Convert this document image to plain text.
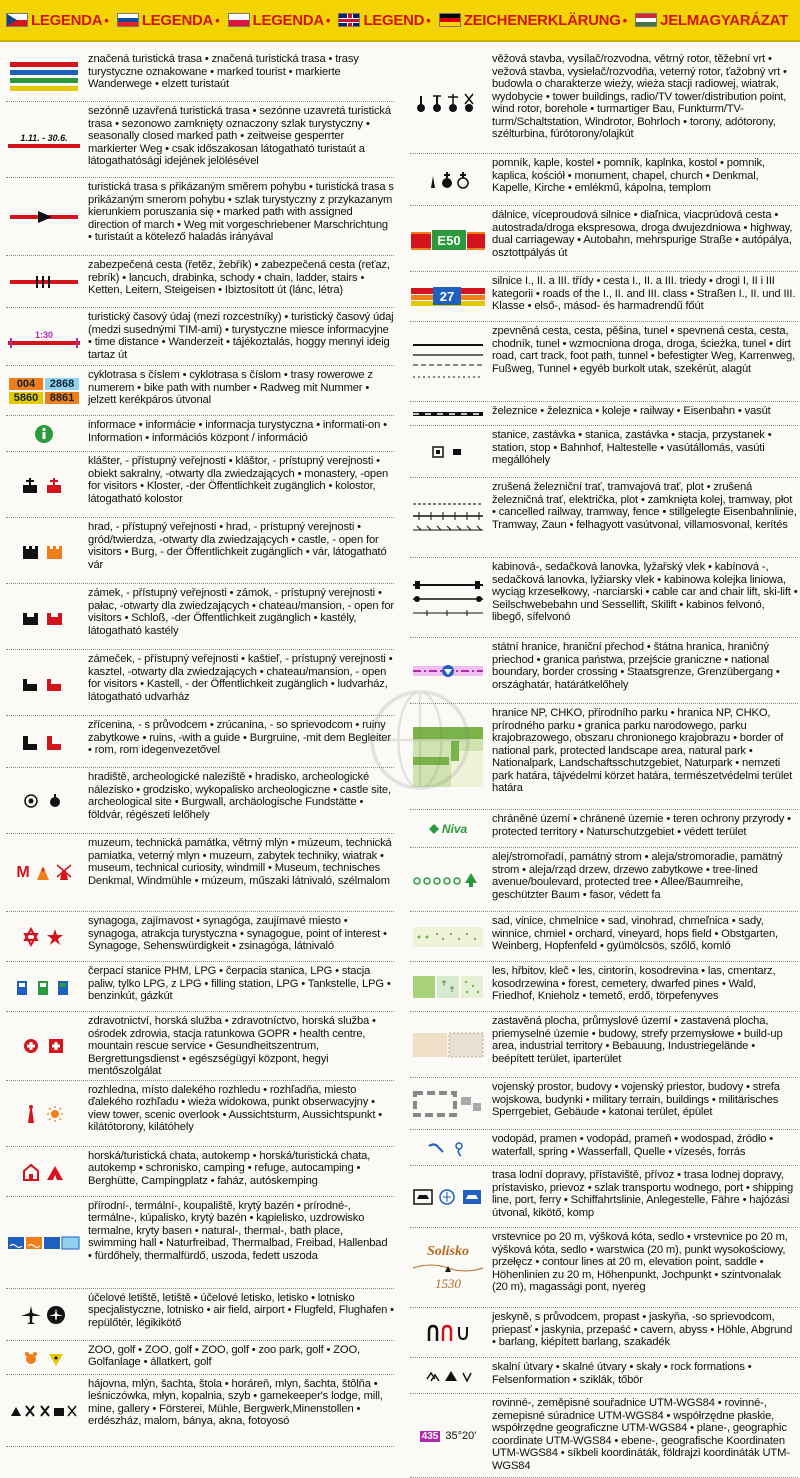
LEGENDA • LEGENDA • LEGENDA • LEGEND • ZEICHENERKLÄRUNG • JELMAGYARÁZAT
značená turistická trasa • značená turistická trasa • trasy turystyczne oznakowane • marked tourist • markierte Wanderwege • elzett turistaút
1.11. - 30.6.
sezónně uzavřená turistická trasa • sezónne uzavretá turistická trasa • sezonowo zamknięty oznaczony szlak turystyczny • seasonally closed marked path • zeitweise gesperrter markierter Weg • csak időszakosan látogatható turistaút a látogathatósági idejének jelölésével
turistická trasa s přikázaným směrem pohybu • turistická trasa s prikázaným smerom pohybu • szlak turystyczny z przykazanym kierunkiem poruszania się • marked path with assigned direction of march • Weg mit vorgeschriebener Marschrichtung • turistaút a kötelező haladás irányával
zabezpečená cesta (řetěz, žebřík) • zabezpečená cesta (reťaz, rebrík) • lancuch, drabinka, schody • chain, ladder, stairs • Ketten, Leitern, Steigeisen • Ibiztosított út (lánc, létra)
1:30
turistický časový údaj (mezi rozcestníky) • turistický časový údaj (medzi susednými TIM-ami) • turystyczne miesce informacyjne • time distance • Wanderzeit • tájékoztalás, hoggy mennyi ideig tartaz út
004	2868
5860	8861
cyklotrasa s číslem • cyklotrasa s číslom • trasy rowerowe z numerem • bike path with number • Radweg mit Nummer • jelzett kerékpáros útvonal
informace • informácie • informacja turystyczna • informati-on • Information • információs központ / információ
klášter, - přístupný veřejnosti • kláštor, - prístupný verejnosti • obiekt sakralny, -otwarty dla zwiedzających • monastery, -open for visitors • Kloster, -der Öffentlichkeit zugänglich • kolostor, látogatható kolostor
hrad, - přístupný veřejnosti • hrad, - prístupný verejnosti • gród/twierdza, -otwarty dla zwiedzających • castle, - open for visitors • Burg, - der Öffentlichkeit zugänglich • vár, látogatható vár
zámek, - přístupný veřejnosti • zámok, - prístupný verejnosti • pałac, -otwarty dla zwiedzających • chateau/mansion, - open for visitors • Schloß, -der Öffentlichkeit zugänglich • kastély, látogatható kastély
zámeček, - přístupný veřejnosti • kaštieľ, - prístupný verejnosti • kasztel, -otwarty dla zwiedzających • chateau/mansion, - open for visitors • Kastell, - der Öffentlichkeit zugänglich • ludvarház, látogatható udvarház
zřícenina, - s průvodcem • zrúcanina, - so sprievodcom • ruiny zabytkowe • ruins, -with a guide • Burgruine, -mit dem Begleiter • rom, rom idegenvezetővel
hradiště, archeologické naleziště • hradisko, archeologické nálezisko • grodzisko, wykopalisko archeologiczne • castle site, archeological site • Burgwall, archäologische Fundstätte • földvár, régészeti lelőhely
M
muzeum, technická památka, větrný mlýn • múzeum, technická pamiatka, veterný mlyn • muzeum, zabytek techniky, wiatrak • museum, technical curiosity, windmill • Museum, technisches Denkmal, Windmühle • múzeum, műszaki látnivaló, szélmalom
synagoga, zajímavost • synagóga, zaujímavé miesto • synagoga, atrakcja turystyczna • synagogue, point of interest • Synagoge, Sehenswürdigkeit • zsinagóga, látnivaló
čerpací stanice PHM, LPG • čerpacia stanica, LPG • stacja paliw, tylko LPG, z LPG • filling station, LPG • Tankstelle, LPG • benzinkút, gázkút
zdravotnictví, horská služba • zdravotníctvo, horská služba • ośrodek zdrowia, stacja ratunkowa GOPR • health centre, mountain rescue service • Gesundheitszentrum, Bergrettungsdienst • egészségügyi központ, hegyi mentőszolgálat
rozhledna, místo dalekého rozhledu • rozhľadňa, miesto ďalekého rozhľadu • wieża widokowa, punkt obserwacyjny • view tower, scenic overlook • Aussichtsturm, Aussichtspunkt • kilátótorony, kilátóhely
horská/turistická chata, autokemp • horská/turistická chata, autokemp • schronisko, camping • refuge, autocamping • Berghütte, Campingplatz • faház, autóskemping
přírodní-, termální-, koupaliště, krytý bazén • prírodné-, termálne-, kúpalisko, krytý bazén • kąpielisko, uzdrowisko termalne, kryty basen • natural-, thermal-, bath place, swimming hall • Naturfreibad, Thermalbad, Freibad, Hallenbad • fürdőhely, thermalfürdő, uszoda, fedett uszoda
účelové letiště, letiště • účelové letisko, letisko • lotnisko specjalistyczne, lotnisko • air field, airport • Flugfeld, Flughafen • repülőtér, légikikötő
ZOO, golf • ZOO, golf • ZOO, golf • zoo park, golf • ZOO, Golfanlage • állatkert, golf
hájovna, mlýn, šachta, štola • horáreň, mlyn, šachta, štôlňa • leśniczówka, młyn, kopalnia, szyb • gamekeeper's lodge, mill, mine, gallery • Försterei, Mühle, Bergwerk,Minenstollen • erdészház, malom, bánya, akna, fotoyosó
věžová stavba, vysílač/rozvodna, větrný rotor, těžební vrt • vežová stavba, vysielač/rozvodňa, veterný rotor, ťažobný vrt • budowla o charakterze wieży, wieża stacji radiowej, wiatrak, wydobycie • tower buildings, radio/TV tower/distribution point, wind rotor, borehole • turmartiger Bau, Funkturm/TV-turm/Schaltstation, Windrotor, Bohrloch • torony, adótorony, szélturbina, fúrótorony/olajkút
pomník, kaple, kostel • pomník, kaplnka, kostol • pomnik, kaplica, kościół • monument, chapel, church • Denkmal, Kapelle, Kirche • emlékmű, kápolna, templom
E50
dálnice, víceproudová silnice • diaľnica, viacprúdová cesta • autostrada/droga ekspresowa, droga dwujezdniowa • highway, dual carriageway • Autobahn, mehrspurige Straße • autópálya, osztottpályás út
27
silnice I., II. a III. třídy • cesta I., II. a III. triedy • drogi I, II i III kategorii • roads of the I., II. and III. class • Straßen I., II. und III. Klasse • első-, másod- és harmadrendű főút
zpevněná cesta, cesta, pěšina, tunel • spevnená cesta, cesta, chodník, tunel • wzmocniona droga, droga, ścieżka, tunel • dirt road, cart track, foot path, tunnel • befestigter Weg, Karrenweg, Fußweg, Tunnel • egyéb burkolt utak, szekérút, alagút
železnice • železnica • koleje • railway • Eisenbahn • vasút
stanice, zastávka • stanica, zastávka • stacja, przystanek • station, stop • Bahnhof, Haltestelle • vasútállomás, vasúti megállóhely
zrušená železniční trať, tramvajová trať, plot • zrušená železničná trať, električka, plot • zamknięta kolej, tramway, płot • cancelled railway, tramway, fence • stillgelegte Eisenbahnlinie, Tramway, Zaun • felhagyott vasútvonal, villamosvonal, kerítés
kabinová-, sedačková lanovka, lyžařský vlek • kabínová -, sedačková lanovka, lyžiarsky vlek • kabinowa kolejka liniowa, wyciąg krzesełkowy, -narciarski • cable car and chair lift, ski-lift • Seilschwebebahn und Sessellift, Skilift • kabinos felvonó, libegő, sífelvonó
státní hranice, hraniční přechod • štátna hranica, hraničný priechod • granica państwa, przejście graniczne • national boundary, border crossing • Staatsgrenze, Grenzübergang • országhatár, határátkelőhely
hranice NP, CHKO, přírodního parku • hranica NP, CHKO, prírodného parku • granica parku narodowego, parku krajobrazowego, obszaru chronionego krajobrazu • border of national park, protected landscape area, natural park • Nationalpark, Landschaftsschutzgebiet, Naturpark • nemzeti park határa, tájvédelmi körzet határa, természetvédelmi terület határa
Niva
chráněné území • chránené územie • teren ochrony przyrody • protected territory • Naturschutzgebiet • védett terület
alej/stromořadí, památný strom • aleja/stromoradie, pamätný strom • aleja/rząd drzew, drzewo zabytkowe • tree-lined avenue/boulevard, protected tree • Allee/Baumreihe, geschützter Baum • fasor, védett fa
sad, vinice, chmelnice • sad, vinohrad, chmeľnica • sady, winnice, chmiel • orchard, vineyard, hops field • Obstgarten, Weinberg, Hopfenfeld • gyümölcsös, szőlő, komló
les, hřbitov, kleč • les, cintorín, kosodrevina • las, cmentarz, kosodrzewina • forest, cemetery, dwarfed pines • Wald, Friedhof, Knieholz • temető, erdő, törpefenyves
zastavěná plocha, průmyslové území • zastavená plocha, priemyselné územie • budowy, strefy przemysłowe • build-up area, industrial territory • Bebauung, Industriegelände • beépített terület, iparterület
vojenský prostor, budovy • vojenský priestor, budovy • strefa wojskowa, budynki • military terrain, buildings • militärisches Sperrgebiet, Gebäude • katonai terület, épület
vodopád, pramen • vodopád, prameň • wodospad, źródło • waterfall, spring • Wasserfall, Quelle • vízesés, forrás
trasa lodní dopravy, přístaviště, přívoz • trasa lodnej dopravy, prístavisko, prievoz • szlak transportu wodnego, port • shipping line, port, ferry • Schiffahrtslinie, Anlegestelle, Fähre • hajózási útvonal, kikötő, komp
Solisko
1530
vrstevnice po 20 m, výšková kóta, sedlo • vrstevnice po 20 m, výšková kóta, sedlo • warstwica (20 m), punkt wysokościowy, przełęcz • contour lines at 20 m, elevation point, saddle • Höhenlinien zu 20 m, Höhenpunkt, Jochpunkt • szintvonalak (20 m), magassági pont, nyereg
jeskyně, s průvodcem, propast • jaskyňa, -so sprievodcom, priepasť • jaskynia, przepaść • cavern, abyss • Höhle, Abgrund • barlang, kiépített barlang, szakadék
skalní útvary • skalné útvary • skały • rock formations • Felsenformation • sziklák, tőbör
435 35°20'
rovinné-, zeměpisné souřadnice UTM-WGS84 • rovinné-, zemepisné súradnice UTM-WGS84 • współrzędne płaskie, współrzędne geograficzne UTM-WGS84 • plane-, geographic coordinate UTM-WGS84 • ebene-, geografische Koordinaten UTM-WGS84 • síkbeli koordináták, földrajzi koordináták UTM-WGS84
